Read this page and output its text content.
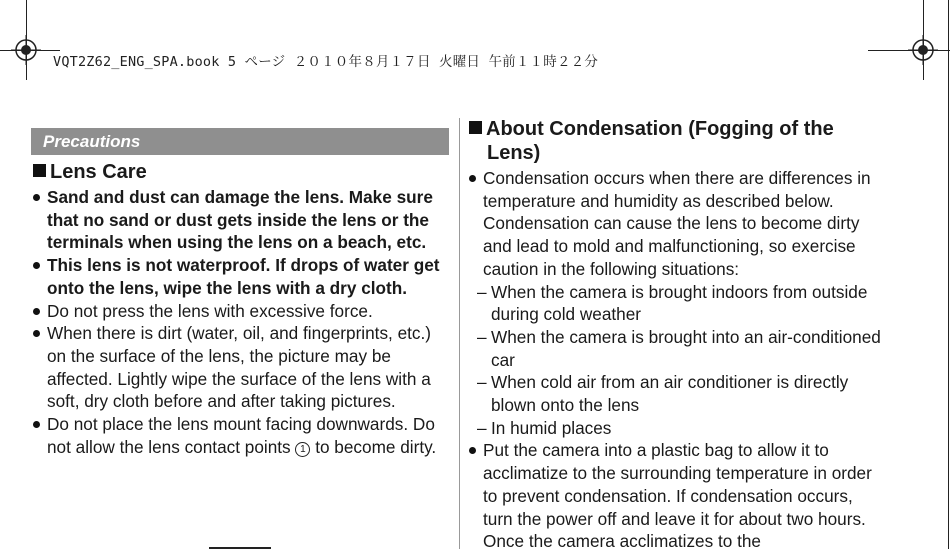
VQT2Z62_ENG_SPA.book 5 ページ ２０１０年８月１７日 火曜日 午前１１時２２分
Precautions
Lens Care
Sand and dust can damage the lens. Make sure that no sand or dust gets inside the lens or the terminals when using the lens on a beach, etc.
This lens is not waterproof. If drops of water get onto the lens, wipe the lens with a dry cloth.
Do not press the lens with excessive force.
When there is dirt (water, oil, and fingerprints, etc.) on the surface of the lens, the picture may be affected. Lightly wipe the surface of the lens with a soft, dry cloth before and after taking pictures.
Do not place the lens mount facing downwards. Do not allow the lens contact points 1 to become dirty.
About Condensation (Fogging of the
Lens)
Condensation occurs when there are differences in temperature and humidity as described below. Condensation can cause the lens to become dirty and lead to mold and malfunctioning, so exercise caution in the following situations:
– When the camera is brought indoors from outside during cold weather
– When the camera is brought into an air-conditioned car
– When cold air from an air conditioner is directly blown onto the lens
– In humid places
Put the camera into a plastic bag to allow it to acclimatize to the surrounding temperature in order to prevent condensation. If condensation occurs, turn the power off and leave it for about two hours. Once the camera acclimatizes to the
